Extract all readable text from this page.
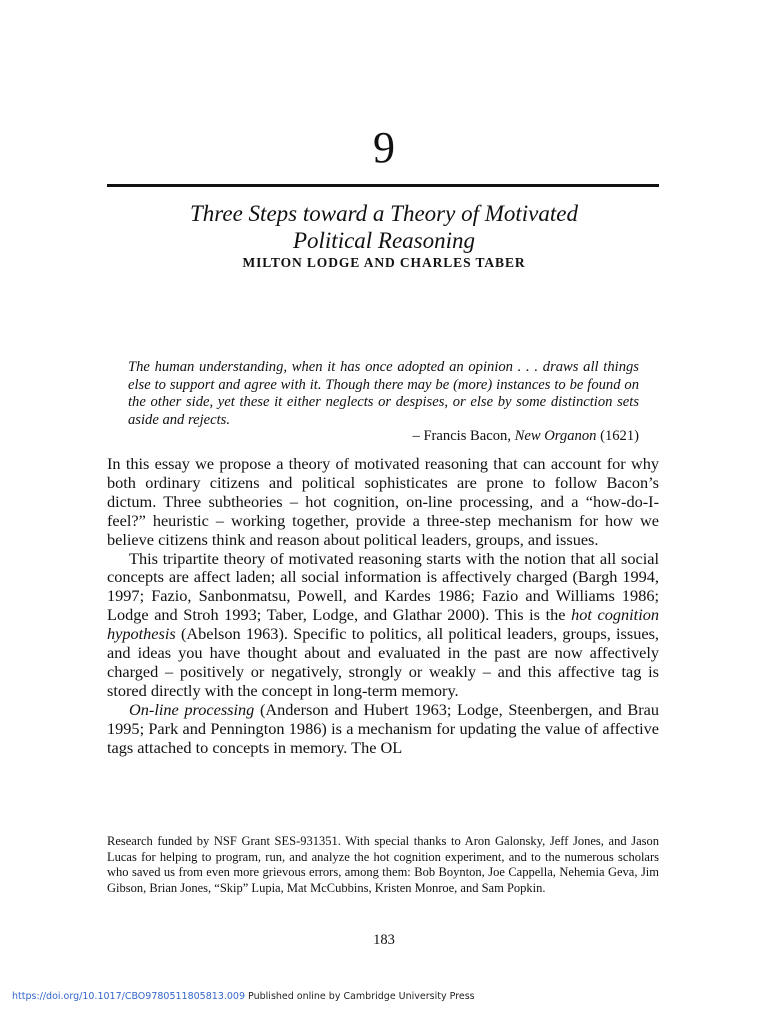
9
Three Steps toward a Theory of Motivated
Political Reasoning
MILTON LODGE AND CHARLES TABER

The human understanding, when it has once adopted an opinion . . . draws all things else to support and agree with it. Though there may be (more) instances to be found on the other side, yet these it either neglects or despises, or else by some distinction sets aside and rejects.

– Francis Bacon, New Organon (1621)

In this essay we propose a theory of motivated reasoning that can account for why both ordinary citizens and political sophisticates are prone to follow Bacon’s dictum. Three subtheories – hot cognition, on-line processing, and a “how-do-I-feel?” heuristic – working together, provide a three-step mechanism for how we believe citizens think and reason about political leaders, groups, and issues.

This tripartite theory of motivated reasoning starts with the notion that all social concepts are affect laden; all social information is affectively charged (Bargh 1994, 1997; Fazio, Sanbonmatsu, Powell, and Kardes 1986; Fazio and Williams 1986; Lodge and Stroh 1993; Taber, Lodge, and Glathar 2000). This is the hot cognition hypothesis (Abelson 1963). Specific to politics, all political leaders, groups, issues, and ideas you have thought about and evaluated in the past are now affectively charged – positively or negatively, strongly or weakly – and this affective tag is stored directly with the concept in long-term memory.

On-line processing (Anderson and Hubert 1963; Lodge, Steenbergen, and Brau 1995; Park and Pennington 1986) is a mechanism for updating the value of affective tags attached to concepts in memory. The OL

Research funded by NSF Grant SES-931351. With special thanks to Aron Galonsky, Jeff Jones, and Jason Lucas for helping to program, run, and analyze the hot cognition experiment, and to the numerous scholars who saved us from even more grievous errors, among them: Bob Boynton, Joe Cappella, Nehemia Geva, Jim Gibson, Brian Jones, “Skip” Lupia, Mat McCubbins, Kristen Monroe, and Sam Popkin.
183
https://doi.org/10.1017/CBO9780511805813.009 Published online by Cambridge University Press
